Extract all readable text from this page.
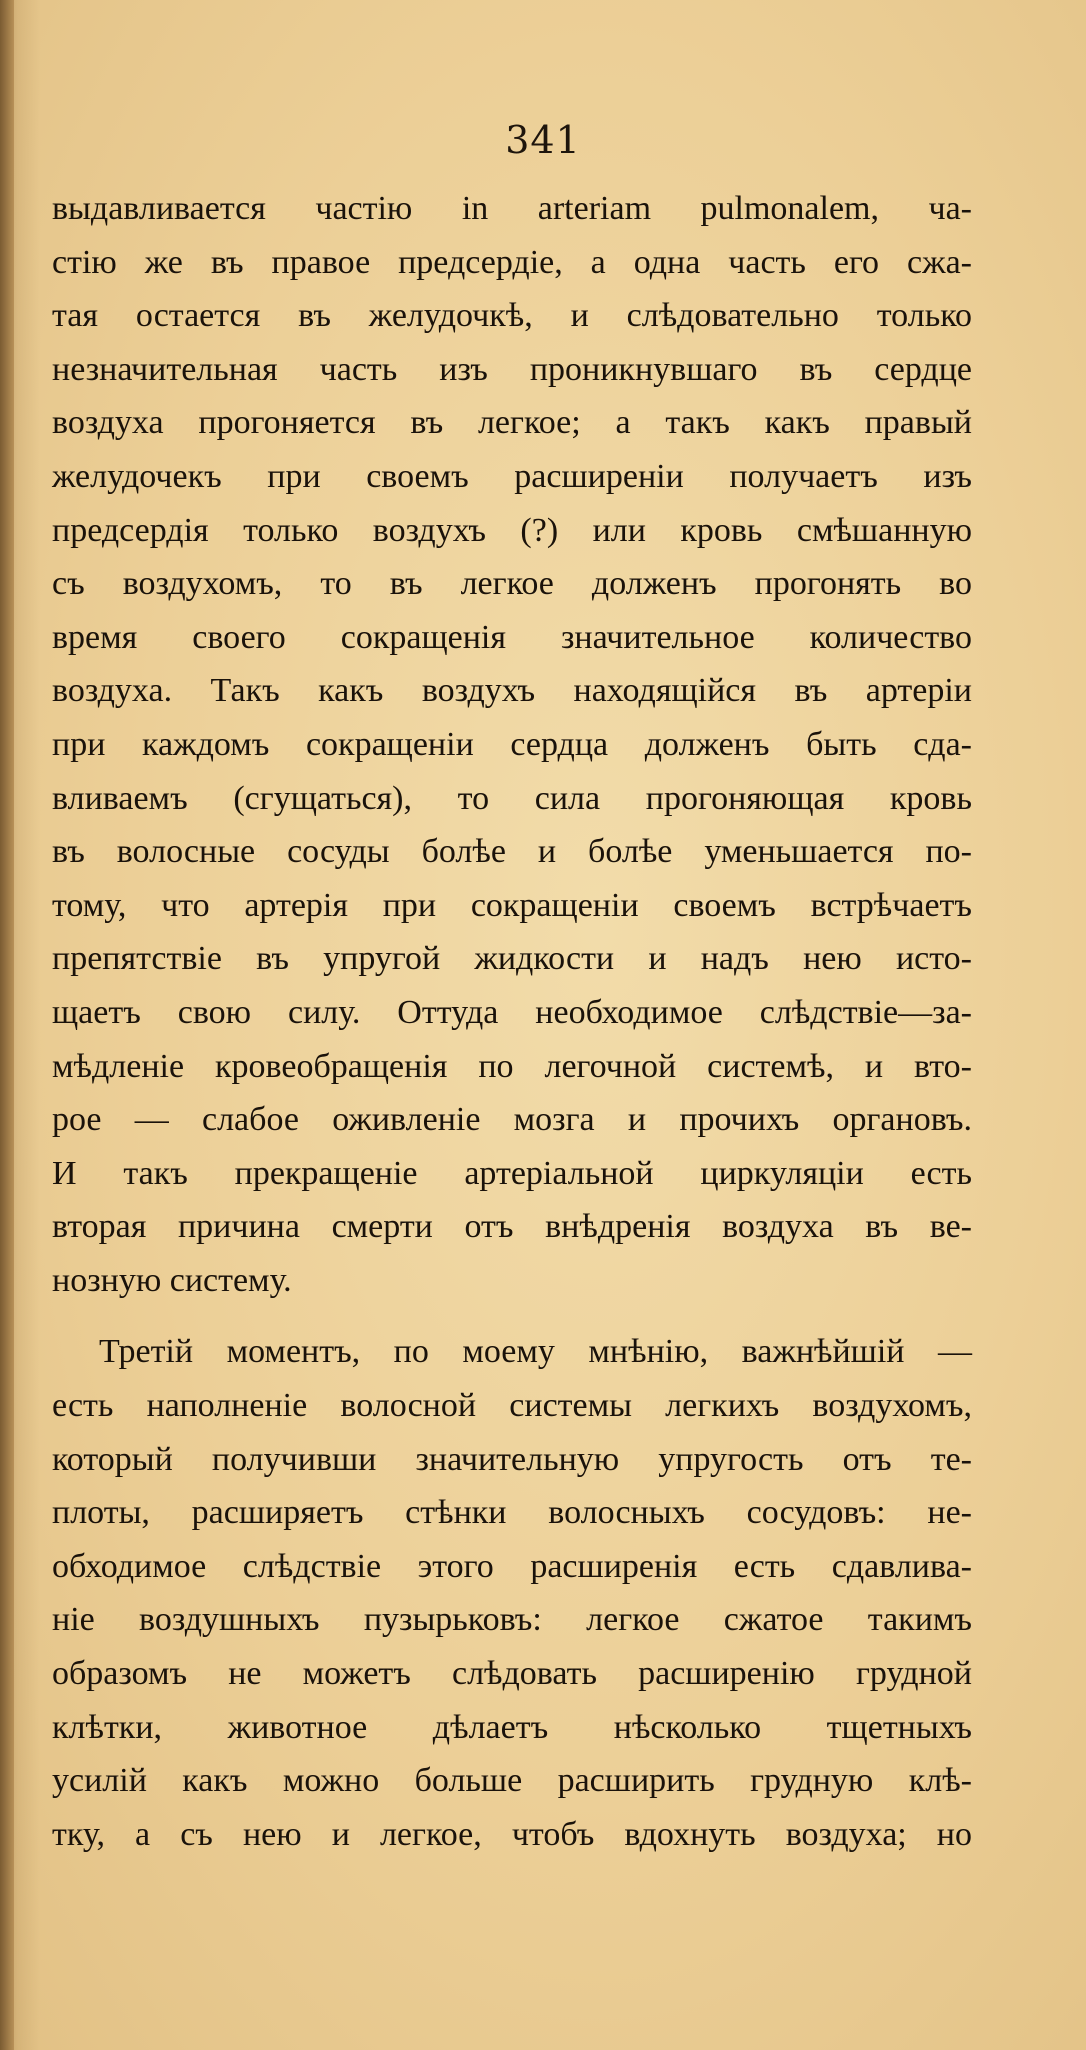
341
выдавливается частію in arteriam pulmonalem, ча-
стію же въ правое предсердіе, а одна часть его сжа-
тая остается въ желудочкѣ, и слѣдовательно только
незначительная часть изъ проникнувшаго въ сердце
воздуха прогоняется въ легкое; а такъ какъ правый
желудочекъ при своемъ расширеніи получаетъ изъ
предсердія только воздухъ (?) или кровь смѣшанную
съ воздухомъ, то въ легкое долженъ прогонять во
время своего сокращенія значительное количество
воздуха. Такъ какъ воздухъ находящійся въ артеріи
при каждомъ сокращеніи сердца долженъ быть сда-
вливаемъ (сгущаться), то сила прогоняющая кровь
въ волосные сосуды болѣе и болѣе уменьшается по-
тому, что артерія при сокращеніи своемъ встрѣчаетъ
препятствіе въ упругой жидкости и надъ нею исто-
щаетъ свою силу. Оттуда необходимое слѣдствіе—за-
мѣдленіе кровеобращенія по легочной системѣ, и вто-
рое — слабое оживленіе мозга и прочихъ органовъ.
И такъ прекращеніе артеріальной циркуляціи есть
вторая причина смерти отъ внѣдренія воздуха въ ве-
нозную систему.
Третій моментъ, по моему мнѣнію, важнѣйшій —
есть наполненіе волосной системы легкихъ воздухомъ,
который получивши значительную упругость отъ те-
плоты, расширяетъ стѣнки волосныхъ сосудовъ: не-
обходимое слѣдствіе этого расширенія есть сдавлива-
ніе воздушныхъ пузырьковъ: легкое сжатое такимъ
образомъ не можетъ слѣдовать расширенію грудной
клѣтки, животное дѣлаетъ нѣсколько тщетныхъ
усилій какъ можно больше расширить грудную клѣ-
тку, а съ нею и легкое, чтобъ вдохнуть воздуха; но
